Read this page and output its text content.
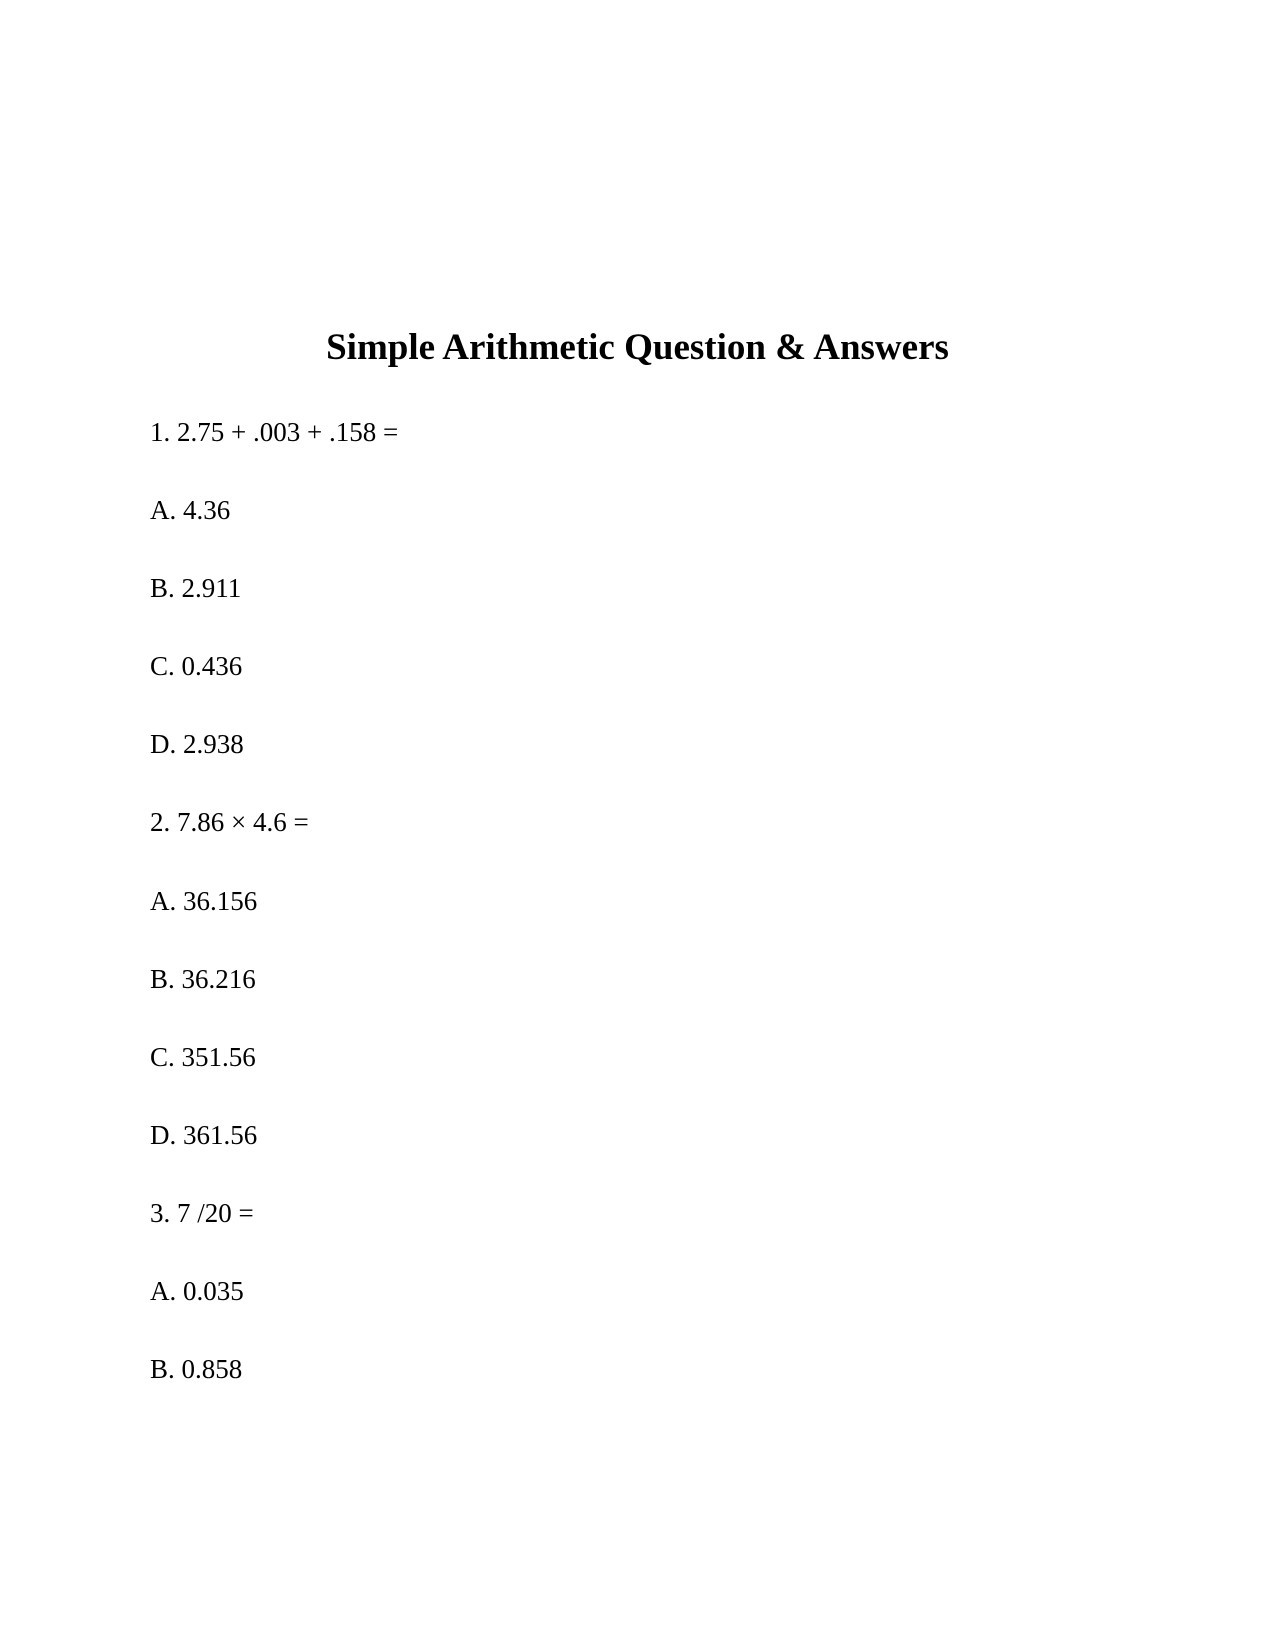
Simple Arithmetic Question & Answers
1. 2.75 + .003 + .158 =
A. 4.36
B. 2.911
C. 0.436
D. 2.938
2. 7.86 × 4.6 =
A. 36.156
B. 36.216
C. 351.56
D. 361.56
3. 7 /20 =
A. 0.035
B. 0.858
